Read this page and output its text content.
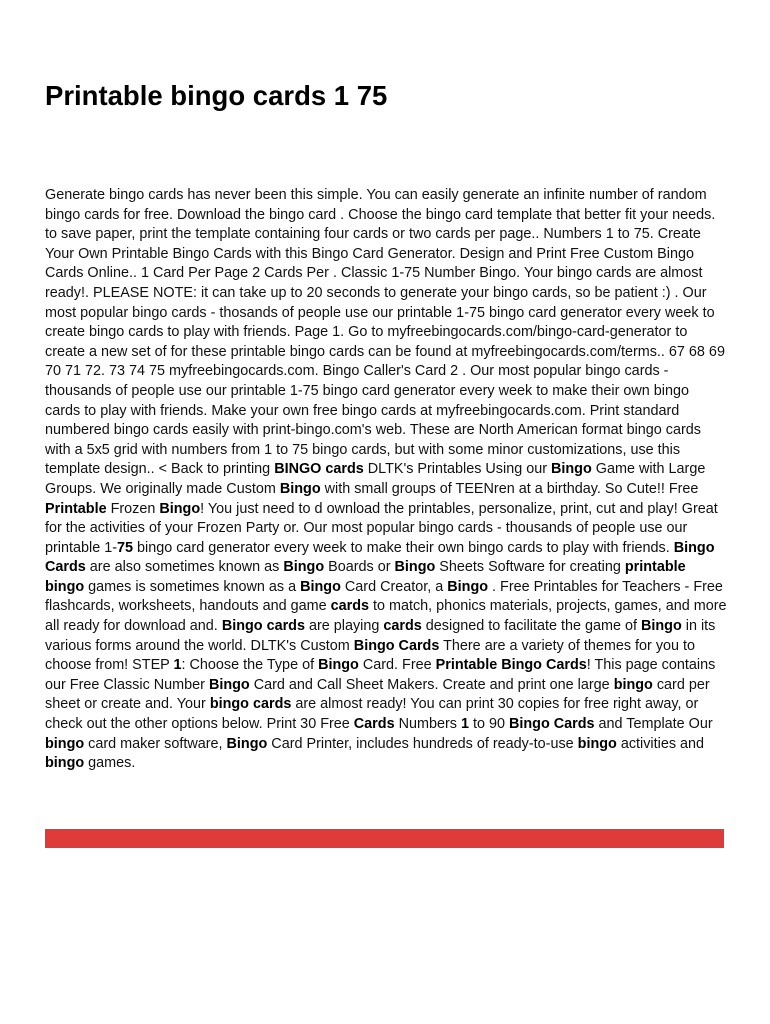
Printable bingo cards 1 75

Generate bingo cards has never been this simple. You can easily generate an infinite number of random bingo cards for free. Download the bingo card . Choose the bingo card template that better fit your needs. to save paper, print the template containing four cards or two cards per page.. Numbers 1 to 75. Create Your Own Printable Bingo Cards with this Bingo Card Generator. Design and Print Free Custom Bingo Cards Online.. 1 Card Per Page 2 Cards Per . Classic 1-75 Number Bingo. Your bingo cards are almost ready!. PLEASE NOTE: it can take up to 20 seconds to generate your bingo cards, so be patient :) . Our most popular bingo cards - thosands of people use our printable 1-75 bingo card generator every week to create bingo cards to play with friends. Page 1. Go to myfreebingocards.com/bingo-card-generator to create a new set of for these printable bingo cards can be found at myfreebingocards.com/terms.. 67 68 69 70 71 72. 73 74 75 myfreebingocards.com. Bingo Caller's Card 2 . Our most popular bingo cards - thousands of people use our printable 1-75 bingo card generator every week to make their own bingo cards to play with friends. Make your own free bingo cards at myfreebingocards.com. Print standard numbered bingo cards easily with print-bingo.com's web. These are North American format bingo cards with a 5x5 grid with numbers from 1 to 75 bingo cards, but with some minor customizations, use this template design.. < Back to printing BINGO cards DLTK's Printables Using our Bingo Game with Large Groups. We originally made Custom Bingo with small groups of TEENren at a birthday. So Cute!! Free Printable Frozen Bingo! You just need to d ownload the printables, personalize, print, cut and play! Great for the activities of your Frozen Party or. Our most popular bingo cards - thousands of people use our printable 1-75 bingo card generator every week to make their own bingo cards to play with friends. Bingo Cards are also sometimes known as Bingo Boards or Bingo Sheets Software for creating printable bingo games is sometimes known as a Bingo Card Creator, a Bingo . Free Printables for Teachers - Free flashcards, worksheets, handouts and game cards to match, phonics materials, projects, games, and more all ready for download and. Bingo cards are playing cards designed to facilitate the game of Bingo in its various forms around the world. DLTK's Custom Bingo Cards There are a variety of themes for you to choose from! STEP 1: Choose the Type of Bingo Card. Free Printable Bingo Cards! This page contains our Free Classic Number Bingo Card and Call Sheet Makers. Create and print one large bingo card per sheet or create and. Your bingo cards are almost ready! You can print 30 copies for free right away, or check out the other options below. Print 30 Free Cards Numbers 1 to 90 Bingo Cards and Template Our bingo card maker software, Bingo Card Printer, includes hundreds of ready-to-use bingo activities and bingo games.
